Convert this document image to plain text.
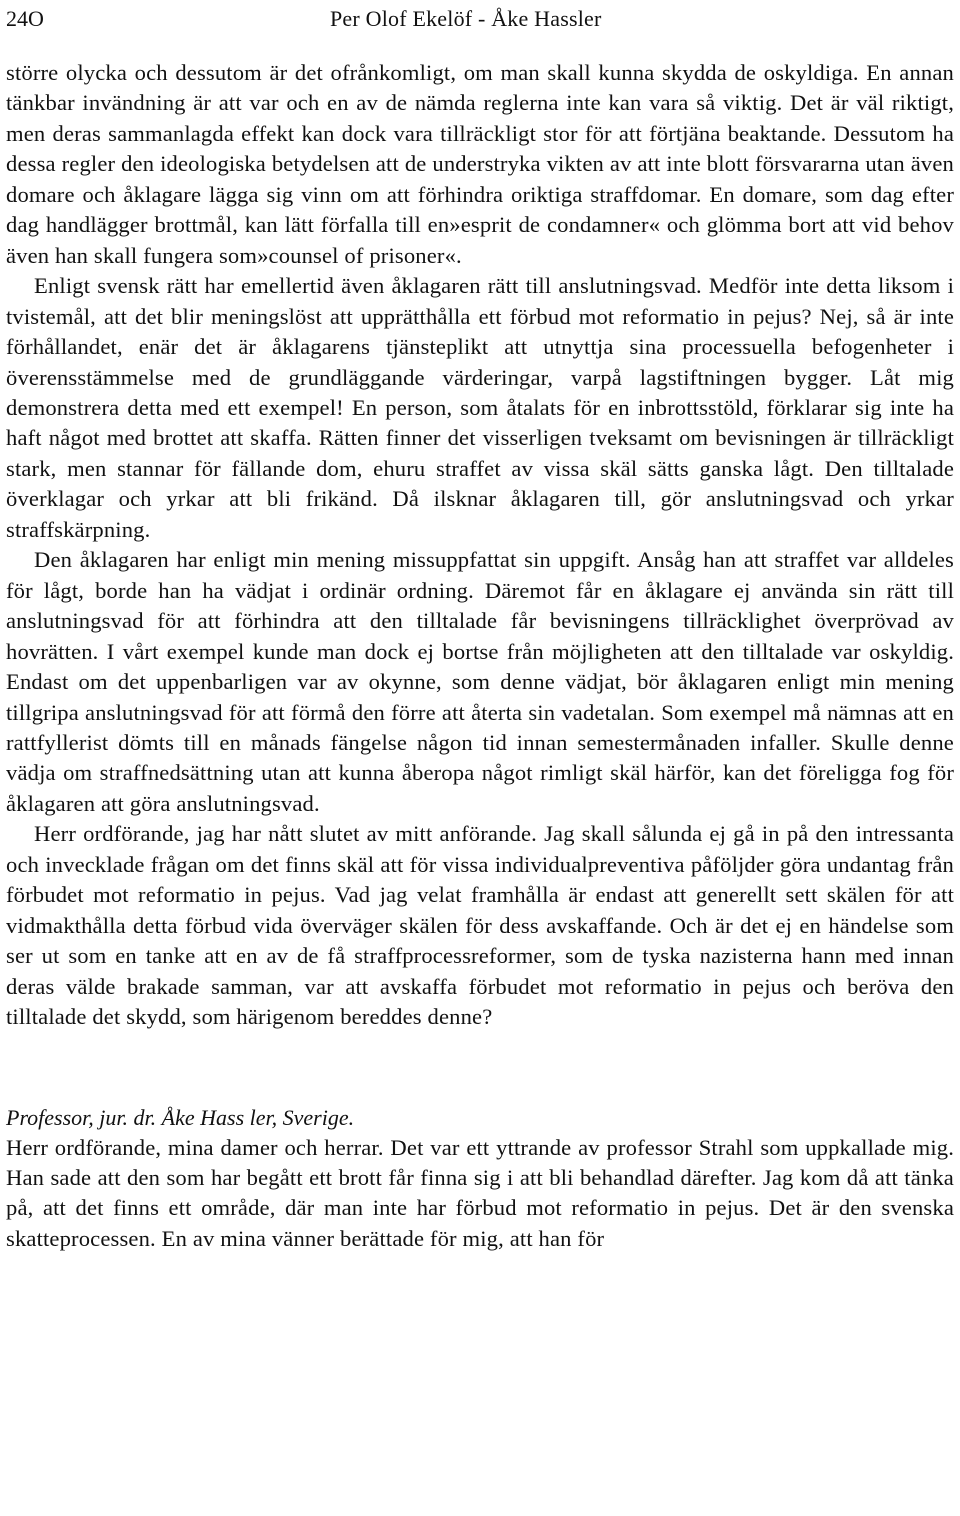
24O	Per Olof Ekelöf - Åke Hassler

större olycka och dessutom är det ofrånkomligt, om man skall kunna skydda de oskyldiga. En annan tänkbar invändning är att var och en av de nämda reglerna inte kan vara så viktig. Det är väl riktigt, men deras sammanlagda effekt kan dock vara tillräckligt stor för att förtjäna beaktande. Dessutom ha dessa regler den ideologiska betydelsen att de understryka vikten av att inte blott försvararna utan även domare och åklagare lägga sig vinn om att förhindra oriktiga straffdomar. En domare, som dag efter dag handlägger brottmål, kan lätt förfalla till en»esprit de condamner« och glömma bort att vid behov även han skall fungera som»counsel of prisoner«.

Enligt svensk rätt har emellertid även åklagaren rätt till anslutningsvad. Medför inte detta liksom i tvistemål, att det blir meningslöst att upprätthålla ett förbud mot reformatio in pejus? Nej, så är inte förhållandet, enär det är åklagarens tjänsteplikt att utnyttja sina processuella befogenheter i överensstämmelse med de grundläggande värderingar, varpå lagstiftningen bygger. Låt mig demonstrera detta med ett exempel! En person, som åtalats för en inbrottsstöld, förklarar sig inte ha haft något med brottet att skaffa. Rätten finner det visserligen tveksamt om bevisningen är tillräckligt stark, men stannar för fällande dom, ehuru straffet av vissa skäl sätts ganska lågt. Den tilltalade överklagar och yrkar att bli frikänd. Då ilsknar åklagaren till, gör anslutningsvad och yrkar straffskärpning.

Den åklagaren har enligt min mening missuppfattat sin uppgift. Ansåg han att straffet var alldeles för lågt, borde han ha vädjat i ordinär ordning. Däremot får en åklagare ej använda sin rätt till anslutningsvad för att förhindra att den tilltalade får bevisningens tillräcklighet överprövad av hovrätten. I vårt exempel kunde man dock ej bortse från möjligheten att den tilltalade var oskyldig. Endast om det uppenbarligen var av okynne, som denne vädjat, bör åklagaren enligt min mening tillgripa anslutningsvad för att förmå den förre att återta sin vadetalan. Som exempel må nämnas att en rattfyllerist dömts till en månads fängelse någon tid innan semestermånaden infaller. Skulle denne vädja om straffnedsättning utan att kunna åberopa något rimligt skäl härför, kan det föreligga fog för åklagaren att göra anslutningsvad.

Herr ordförande, jag har nått slutet av mitt anförande. Jag skall sålunda ej gå in på den intressanta och invecklade frågan om det finns skäl att för vissa individualpreventiva påföljder göra undantag från förbudet mot reformatio in pejus. Vad jag velat framhålla är endast att generellt sett skälen för att vidmakthålla detta förbud vida överväger skälen för dess avskaffande. Och är det ej en händelse som ser ut som en tanke att en av de få straffprocessreformer, som de tyska nazisterna hann med innan deras välde brakade samman, var att avskaffa förbudet mot reformatio in pejus och beröva den tilltalade det skydd, som härigenom bereddes denne?

Professor, jur. dr. Åke Hass ler, Sverige.

Herr ordförande, mina damer och herrar. Det var ett yttrande av professor Strahl som uppkallade mig. Han sade att den som har begått ett brott får finna sig i att bli behandlad därefter. Jag kom då att tänka på, att det finns ett område, där man inte har förbud mot reformatio in pejus. Det är den svenska skatteprocessen. En av mina vänner berättade för mig, att han för
